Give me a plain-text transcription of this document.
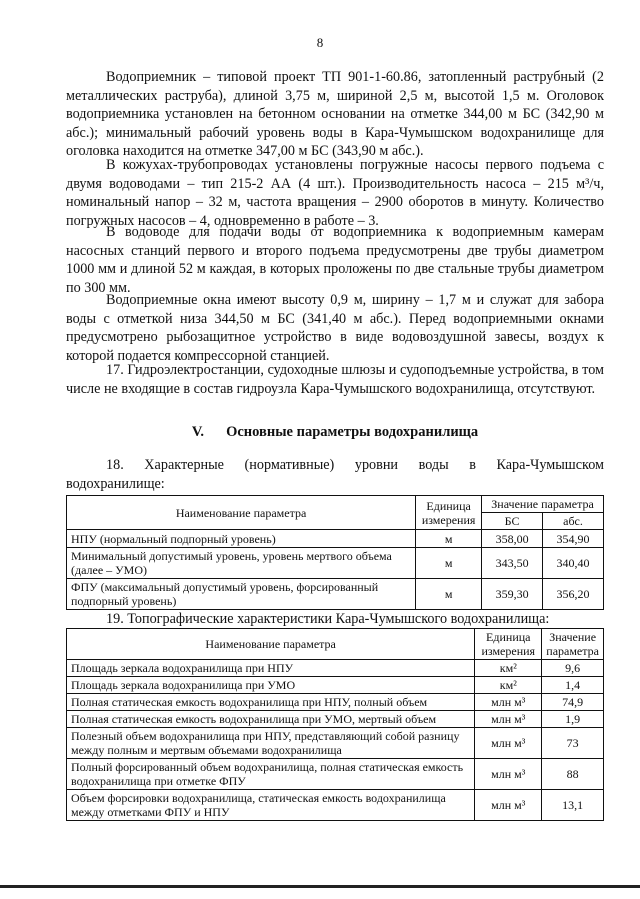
8

Водоприемник – типовой проект ТП 901-1-60.86, затопленный раструбный (2 металлических раструба), длиной 3,75 м, шириной 2,5 м, высотой 1,5 м. Оголовок водоприемника установлен на бетонном основании на отметке 344,00 м БС (342,90 м абс.); минимальный рабочий уровень воды в Кара-Чумышском водохранилище для оголовка находится на отметке 347,00 м БС (343,90 м абс.).

В кожухах-трубопроводах установлены погружные насосы первого подъема с двумя водоводами – тип 215-2 АА (4 шт.). Производительность насоса – 215 м³/ч, номинальный напор – 32 м, частота вращения – 2900 оборотов в минуту. Количество погружных насосов – 4, одновременно в работе – 3.

В водоводе для подачи воды от водоприемника к водоприемным камерам насосных станций первого и второго подъема предусмотрены две трубы диаметром 1000 мм и длиной 52 м каждая, в которых проложены по две стальные трубы диаметром по 300 мм.

Водоприемные окна имеют высоту 0,9 м, ширину – 1,7 м и служат для забора воды с отметкой низа 344,50 м БС (341,40 м абс.). Перед водоприемными окнами предусмотрено рыбозащитное устройство в виде водовоздушной завесы, воздух к которой подается компрессорной станцией.

17. Гидроэлектростанции, судоходные шлюзы и судоподъемные устройства, в том числе не входящие в состав гидроузла Кара-Чумышского водохранилища, отсутствуют.

V. Основные параметры водохранилища

18. Характерные (нормативные) уровни воды в Кара-Чумышском водохранилище:

Наименование параметра	Единица измерения	Значение параметра	
		БС	абс.
НПУ (нормальный подпорный уровень)	м	358,00	354,90
Минимальный допустимый уровень, уровень мертвого объема (далее – УМО)	м	343,50	340,40
ФПУ (максимальный допустимый уровень, форсированный подпорный уровень)	м	359,30	356,20

19. Топографические характеристики Кара-Чумышского водохранилища:

Наименование параметра	Единица измерения	Значение параметра
Площадь зеркала водохранилища при НПУ	км²	9,6
Площадь зеркала водохранилища при УМО	км²	1,4
Полная статическая емкость водохранилища при НПУ, полный объем	млн м³	74,9
Полная статическая емкость водохранилища при УМО, мертвый объем	млн м³	1,9
Полезный объем водохранилища при НПУ, представляющий собой разницу между полным и мертвым объемами водохранилища	млн м³	73
Полный форсированный объем водохранилища, полная статическая емкость водохранилища при отметке ФПУ	млн м³	88
Объем форсировки водохранилища, статическая емкость водохранилища между отметками ФПУ и НПУ	млн м³	13,1
